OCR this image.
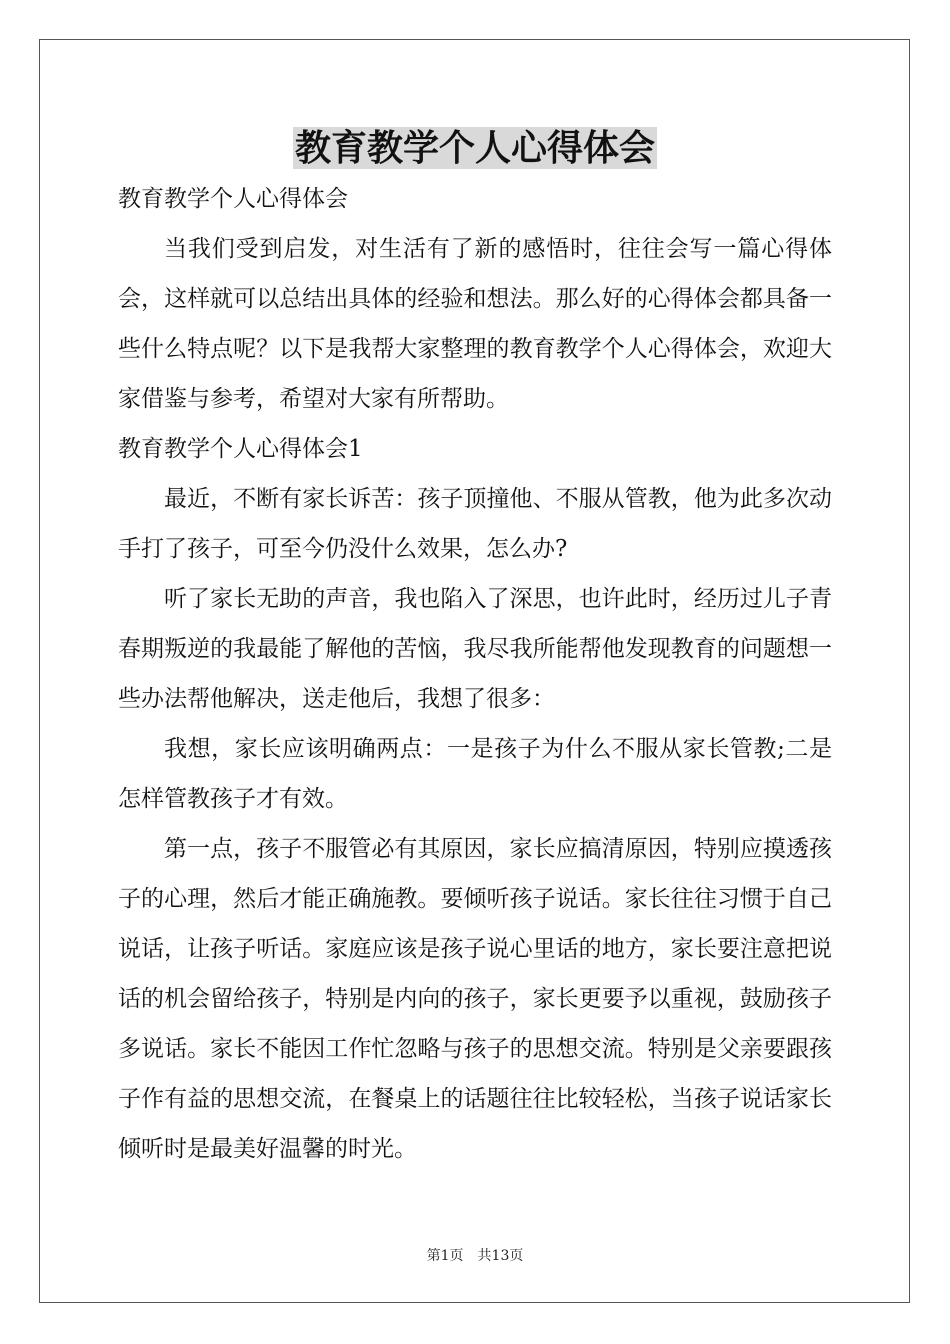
教育教学个人心得体会

教育教学个人心得体会

当我们受到启发，对生活有了新的感悟时，往往会写一篇心得体会，这样就可以总结出具体的经验和想法。那么好的心得体会都具备一些什么特点呢？以下是我帮大家整理的教育教学个人心得体会，欢迎大家借鉴与参考，希望对大家有所帮助。

教育教学个人心得体会1

最近，不断有家长诉苦：孩子顶撞他、不服从管教，他为此多次动手打了孩子，可至今仍没什么效果，怎么办?

听了家长无助的声音，我也陷入了深思，也许此时，经历过儿子青春期叛逆的我最能了解他的苦恼，我尽我所能帮他发现教育的问题想一些办法帮他解决，送走他后，我想了很多：

我想，家长应该明确两点：一是孩子为什么不服从家长管教;二是怎样管教孩子才有效。

第一点，孩子不服管必有其原因，家长应搞清原因，特别应摸透孩子的心理，然后才能正确施教。要倾听孩子说话。家长往往习惯于自己说话，让孩子听话。家庭应该是孩子说心里话的地方，家长要注意把说话的机会留给孩子，特别是内向的孩子，家长更要予以重视，鼓励孩子多说话。家长不能因工作忙忽略与孩子的思想交流。特别是父亲要跟孩子作有益的思想交流，在餐桌上的话题往往比较轻松，当孩子说话家长倾听时是最美好温馨的时光。

第1页 共13页
